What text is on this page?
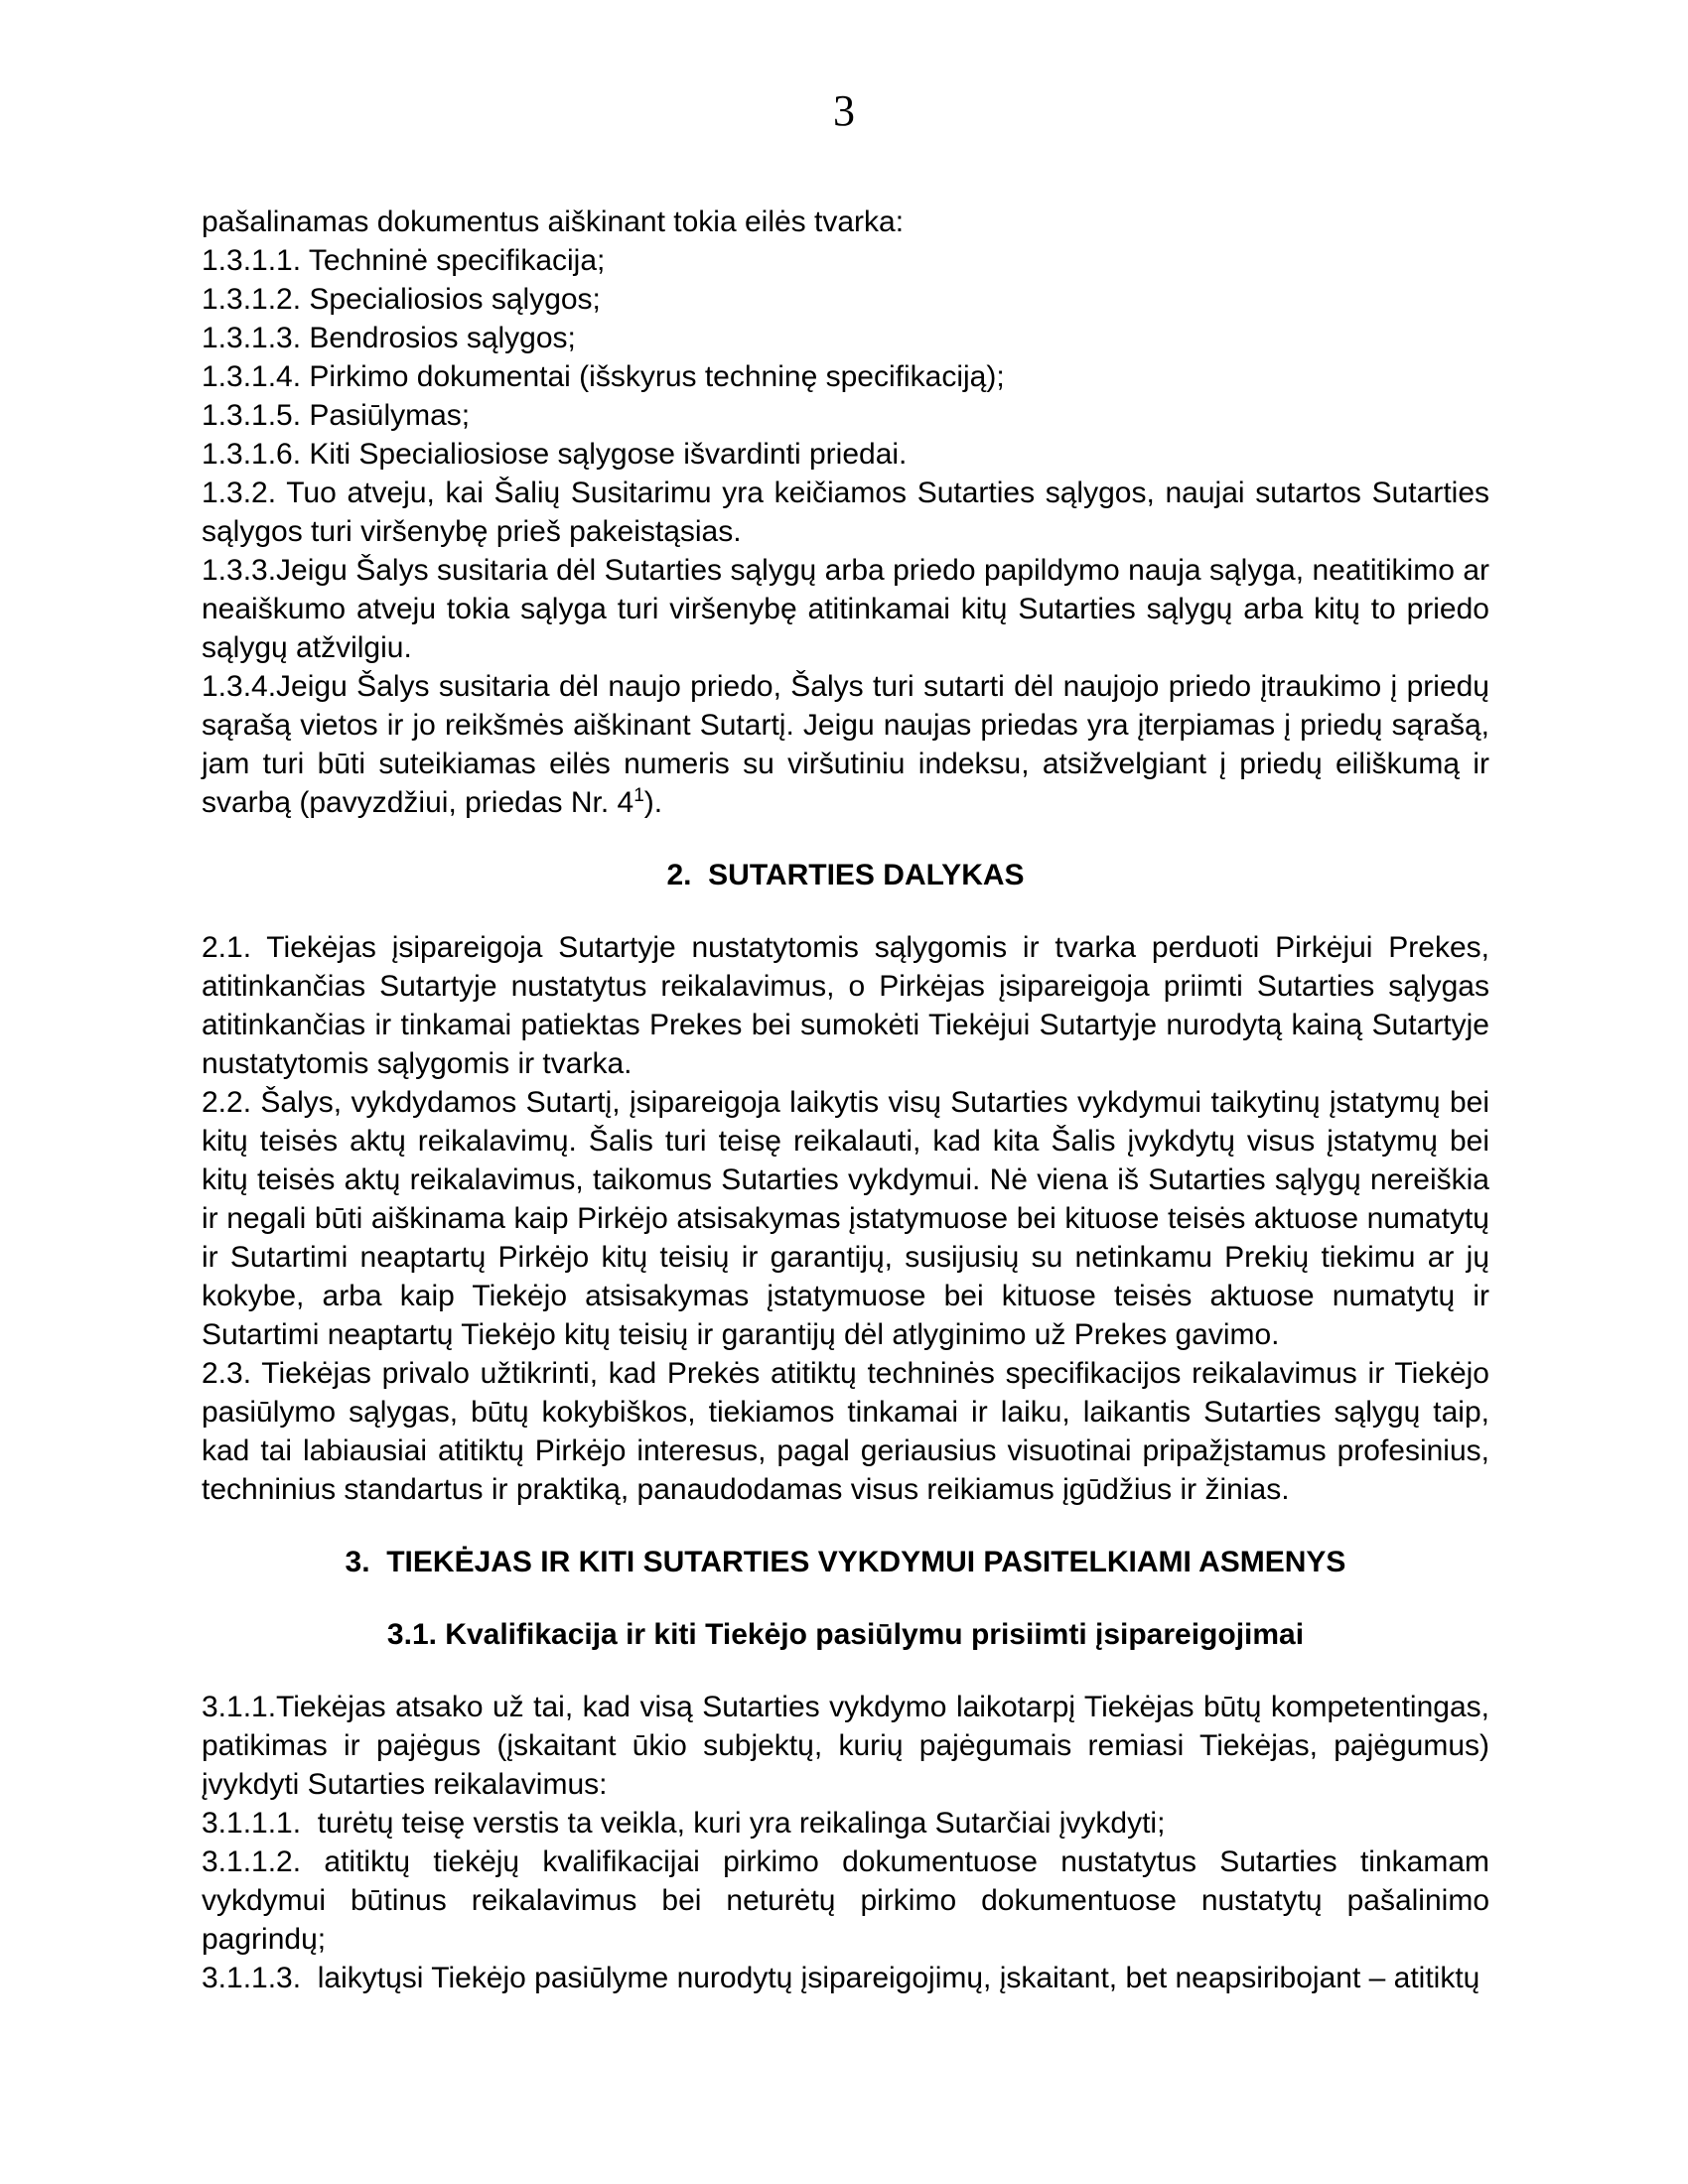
3

pašalinamas dokumentus aiškinant tokia eilės tvarka:

1.3.1.1. Techninė specifikacija;

1.3.1.2. Specialiosios sąlygos;

1.3.1.3. Bendrosios sąlygos;

1.3.1.4. Pirkimo dokumentai (išskyrus techninę specifikaciją);

1.3.1.5. Pasiūlymas;

1.3.1.6. Kiti Specialiosiose sąlygose išvardinti priedai.

1.3.2. Tuo atveju, kai Šalių Susitarimu yra keičiamos Sutarties sąlygos, naujai sutartos Sutarties sąlygos turi viršenybę prieš pakeistąsias.

1.3.3.Jeigu Šalys susitaria dėl Sutarties sąlygų arba priedo papildymo nauja sąlyga, neatitikimo ar neaiškumo atveju tokia sąlyga turi viršenybę atitinkamai kitų Sutarties sąlygų arba kitų to priedo sąlygų atžvilgiu.

1.3.4.Jeigu Šalys susitaria dėl naujo priedo, Šalys turi sutarti dėl naujojo priedo įtraukimo į priedų sąrašą vietos ir jo reikšmės aiškinant Sutartį. Jeigu naujas priedas yra įterpiamas į priedų sąrašą, jam turi būti suteikiamas eilės numeris su viršutiniu indeksu, atsižvelgiant į priedų eiliškumą ir svarbą (pavyzdžiui, priedas Nr. $4^1$).

2.  SUTARTIES DALYKAS

2.1. Tiekėjas įsipareigoja Sutartyje nustatytomis sąlygomis ir tvarka perduoti Pirkėjui Prekes, atitinkančias Sutartyje nustatytus reikalavimus, o Pirkėjas įsipareigoja priimti Sutarties sąlygas atitinkančias ir tinkamai patiektas Prekes bei sumokėti Tiekėjui Sutartyje nurodytą kainą Sutartyje nustatytomis sąlygomis ir tvarka.

2.2. Šalys, vykdydamos Sutartį, įsipareigoja laikytis visų Sutarties vykdymui taikytinų įstatymų bei kitų teisės aktų reikalavimų. Šalis turi teisę reikalauti, kad kita Šalis įvykdytų visus įstatymų bei kitų teisės aktų reikalavimus, taikomus Sutarties vykdymui. Nė viena iš Sutarties sąlygų nereiškia ir negali būti aiškinama kaip Pirkėjo atsisakymas įstatymuose bei kituose teisės aktuose numatytų ir Sutartimi neaptartų Pirkėjo kitų teisių ir garantijų, susijusių su netinkamu Prekių tiekimu ar jų kokybe, arba kaip Tiekėjo atsisakymas įstatymuose bei kituose teisės aktuose numatytų ir Sutartimi neaptartų Tiekėjo kitų teisių ir garantijų dėl atlyginimo už Prekes gavimo.

2.3. Tiekėjas privalo užtikrinti, kad Prekės atitiktų techninės specifikacijos reikalavimus ir Tiekėjo pasiūlymo sąlygas, būtų kokybiškos, tiekiamos tinkamai ir laiku, laikantis Sutarties sąlygų taip, kad tai labiausiai atitiktų Pirkėjo interesus, pagal geriausius visuotinai pripažįstamus profesinius, techninius standartus ir praktiką, panaudodamas visus reikiamus įgūdžius ir žinias.

3.  TIEKĖJAS IR KITI SUTARTIES VYKDYMUI PASITELKIAMI ASMENYS

3.1. Kvalifikacija ir kiti Tiekėjo pasiūlymu prisiimti įsipareigojimai

3.1.1.Tiekėjas atsako už tai, kad visą Sutarties vykdymo laikotarpį Tiekėjas būtų kompetentingas, patikimas ir pajėgus (įskaitant ūkio subjektų, kurių pajėgumais remiasi Tiekėjas, pajėgumus) įvykdyti Sutarties reikalavimus:

3.1.1.1.  turėtų teisę verstis ta veikla, kuri yra reikalinga Sutarčiai įvykdyti;

3.1.1.2. atitiktų tiekėjų kvalifikacijai pirkimo dokumentuose nustatytus Sutarties tinkamam vykdymui būtinus reikalavimus bei neturėtų pirkimo dokumentuose nustatytų pašalinimo pagrindų;

3.1.1.3.  laikytųsi Tiekėjo pasiūlyme nurodytų įsipareigojimų, įskaitant, bet neapsiribojant – atitiktų
